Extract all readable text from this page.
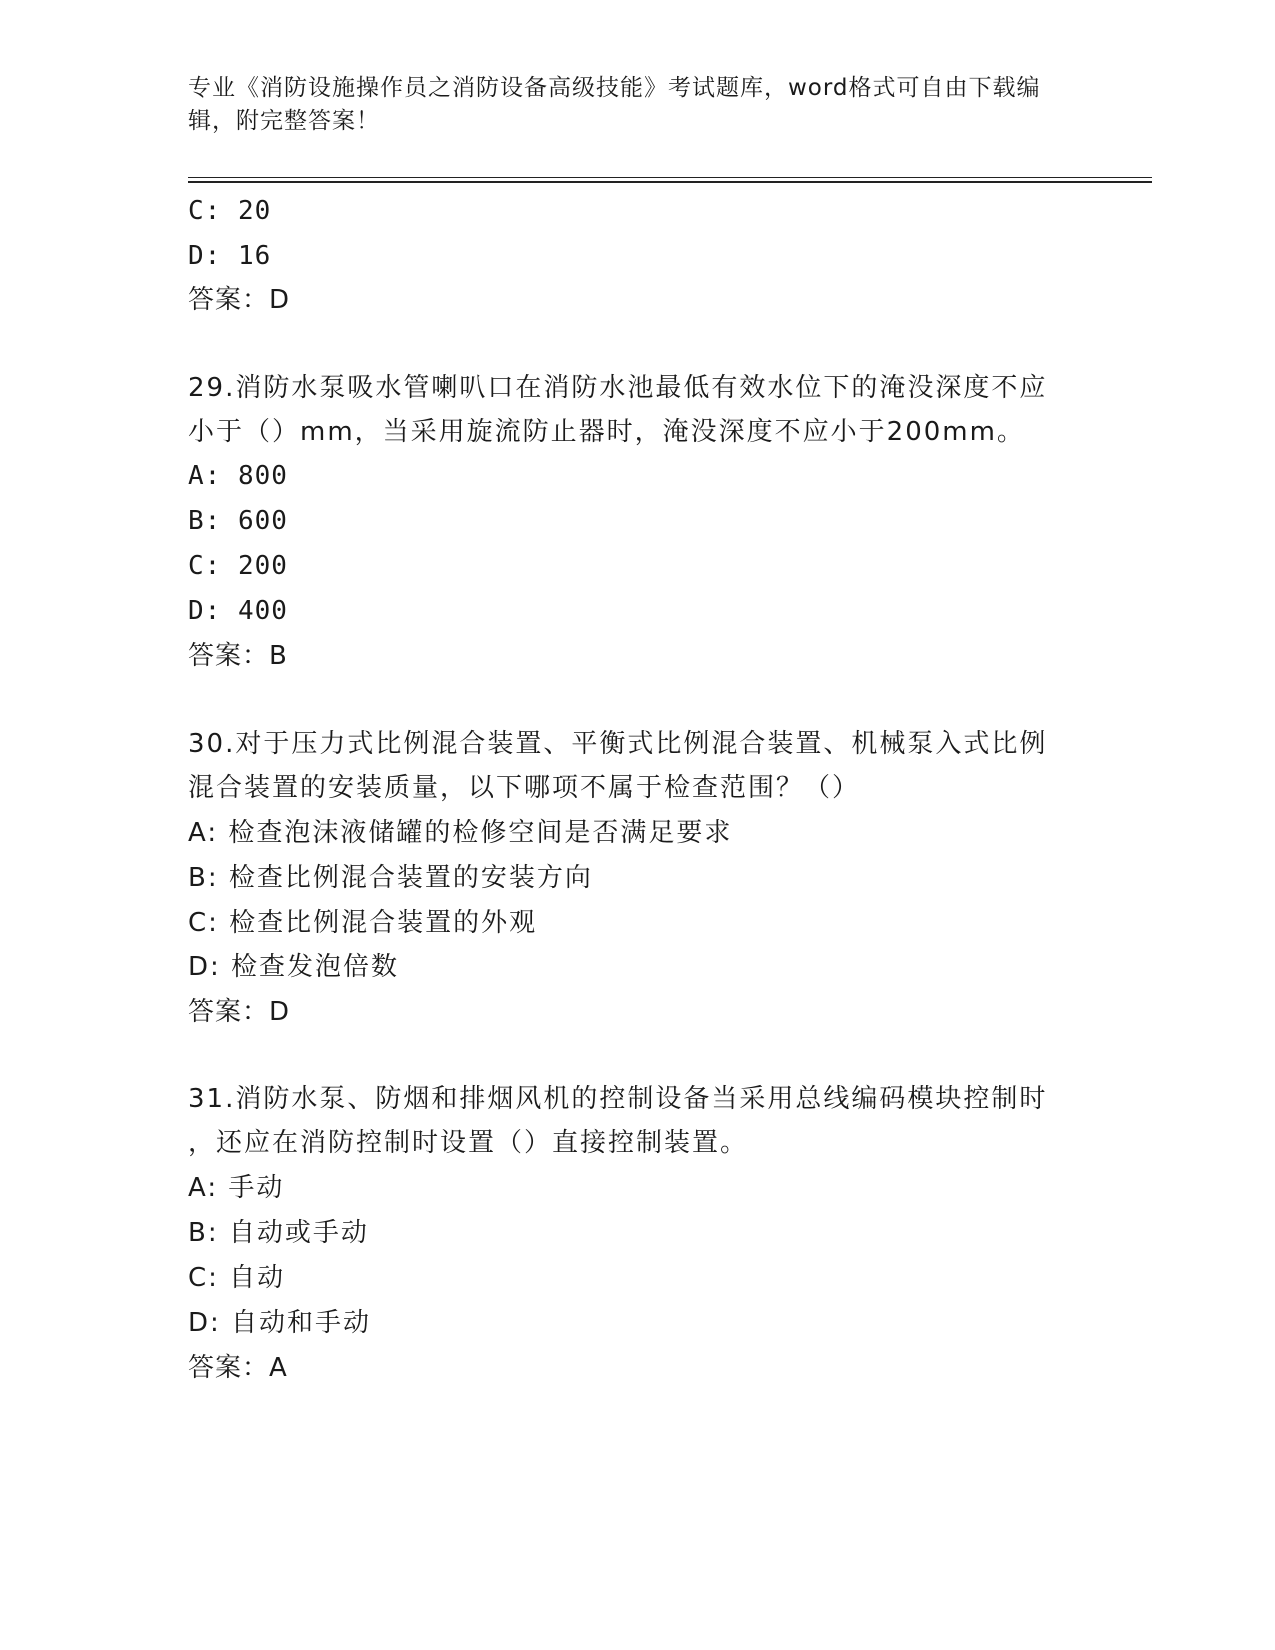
专业《消防设施操作员之消防设备高级技能》考试题库，word格式可自由下载编
辑，附完整答案！
C: 20
D: 16
答案：D
29.消防水泵吸水管喇叭口在消防水池最低有效水位下的淹没深度不应
小于（）mm，当采用旋流防止器时，淹没深度不应小于200mm。
A: 800
B: 600
C: 200
D: 400
答案：B
30.对于压力式比例混合装置、平衡式比例混合装置、机械泵入式比例
混合装置的安装质量，以下哪项不属于检查范围？（）
A: 检查泡沫液储罐的检修空间是否满足要求
B: 检查比例混合装置的安装方向
C: 检查比例混合装置的外观
D: 检查发泡倍数
答案：D
31.消防水泵、防烟和排烟风机的控制设备当采用总线编码模块控制时
，还应在消防控制时设置（）直接控制装置。
A: 手动
B: 自动或手动
C: 自动
D: 自动和手动
答案：A
